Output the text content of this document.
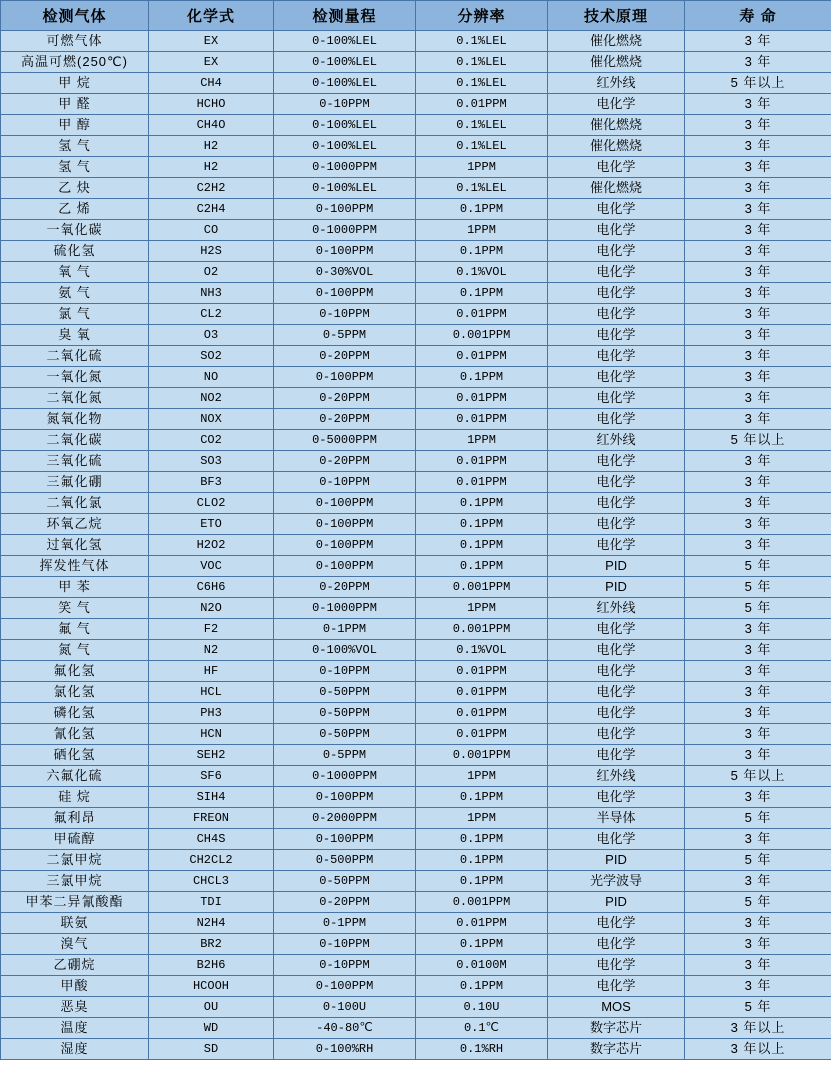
检测气体	化学式	检测量程	分辨率	技术原理	寿 命
可燃气体	EX	0-100%LEL	0.1%LEL	催化燃烧	3 年
高温可燃(250℃)	EX	0-100%LEL	0.1%LEL	催化燃烧	3 年
甲 烷	CH4	0-100%LEL	0.1%LEL	红外线	5 年以上
甲 醛	HCHO	0-10PPM	0.01PPM	电化学	3 年
甲 醇	CH4O	0-100%LEL	0.1%LEL	催化燃烧	3 年
氢 气	H2	0-100%LEL	0.1%LEL	催化燃烧	3 年
氢 气	H2	0-1000PPM	1PPM	电化学	3 年
乙 炔	C2H2	0-100%LEL	0.1%LEL	催化燃烧	3 年
乙 烯	C2H4	0-100PPM	0.1PPM	电化学	3 年
一氧化碳	CO	0-1000PPM	1PPM	电化学	3 年
硫化氢	H2S	0-100PPM	0.1PPM	电化学	3 年
氧 气	O2	0-30%VOL	0.1%VOL	电化学	3 年
氨 气	NH3	0-100PPM	0.1PPM	电化学	3 年
氯 气	CL2	0-10PPM	0.01PPM	电化学	3 年
臭 氧	O3	0-5PPM	0.001PPM	电化学	3 年
二氧化硫	SO2	0-20PPM	0.01PPM	电化学	3 年
一氧化氮	NO	0-100PPM	0.1PPM	电化学	3 年
二氧化氮	NO2	0-20PPM	0.01PPM	电化学	3 年
氮氧化物	NOX	0-20PPM	0.01PPM	电化学	3 年
二氧化碳	CO2	0-5000PPM	1PPM	红外线	5 年以上
三氧化硫	SO3	0-20PPM	0.01PPM	电化学	3 年
三氟化硼	BF3	0-10PPM	0.01PPM	电化学	3 年
二氧化氯	CLO2	0-100PPM	0.1PPM	电化学	3 年
环氧乙烷	ETO	0-100PPM	0.1PPM	电化学	3 年
过氧化氢	H2O2	0-100PPM	0.1PPM	电化学	3 年
挥发性气体	VOC	0-100PPM	0.1PPM	PID	5 年
甲 苯	C6H6	0-20PPM	0.001PPM	PID	5 年
笑 气	N2O	0-1000PPM	1PPM	红外线	5 年
氟 气	F2	0-1PPM	0.001PPM	电化学	3 年
氮 气	N2	0-100%VOL	0.1%VOL	电化学	3 年
氟化氢	HF	0-10PPM	0.01PPM	电化学	3 年
氯化氢	HCL	0-50PPM	0.01PPM	电化学	3 年
磷化氢	PH3	0-50PPM	0.01PPM	电化学	3 年
氰化氢	HCN	0-50PPM	0.01PPM	电化学	3 年
硒化氢	SEH2	0-5PPM	0.001PPM	电化学	3 年
六氟化硫	SF6	0-1000PPM	1PPM	红外线	5 年以上
硅 烷	SIH4	0-100PPM	0.1PPM	电化学	3 年
氟利昂	FREON	0-2000PPM	1PPM	半导体	5 年
甲硫醇	CH4S	0-100PPM	0.1PPM	电化学	3 年
二氯甲烷	CH2CL2	0-500PPM	0.1PPM	PID	5 年
三氯甲烷	CHCL3	0-50PPM	0.1PPM	光学波导	3 年
甲苯二异氰酸酯	TDI	0-20PPM	0.001PPM	PID	5 年
联氨	N2H4	0-1PPM	0.01PPM	电化学	3 年
溴气	BR2	0-10PPM	0.1PPM	电化学	3 年
乙硼烷	B2H6	0-10PPM	0.0100M	电化学	3 年
甲酸	HCOOH	0-100PPM	0.1PPM	电化学	3 年
恶臭	OU	0-100U	0.10U	MOS	5 年
温度	WD	-40-80℃	0.1℃	数字芯片	3 年以上
湿度	SD	0-100%RH	0.1%RH	数字芯片	3 年以上
